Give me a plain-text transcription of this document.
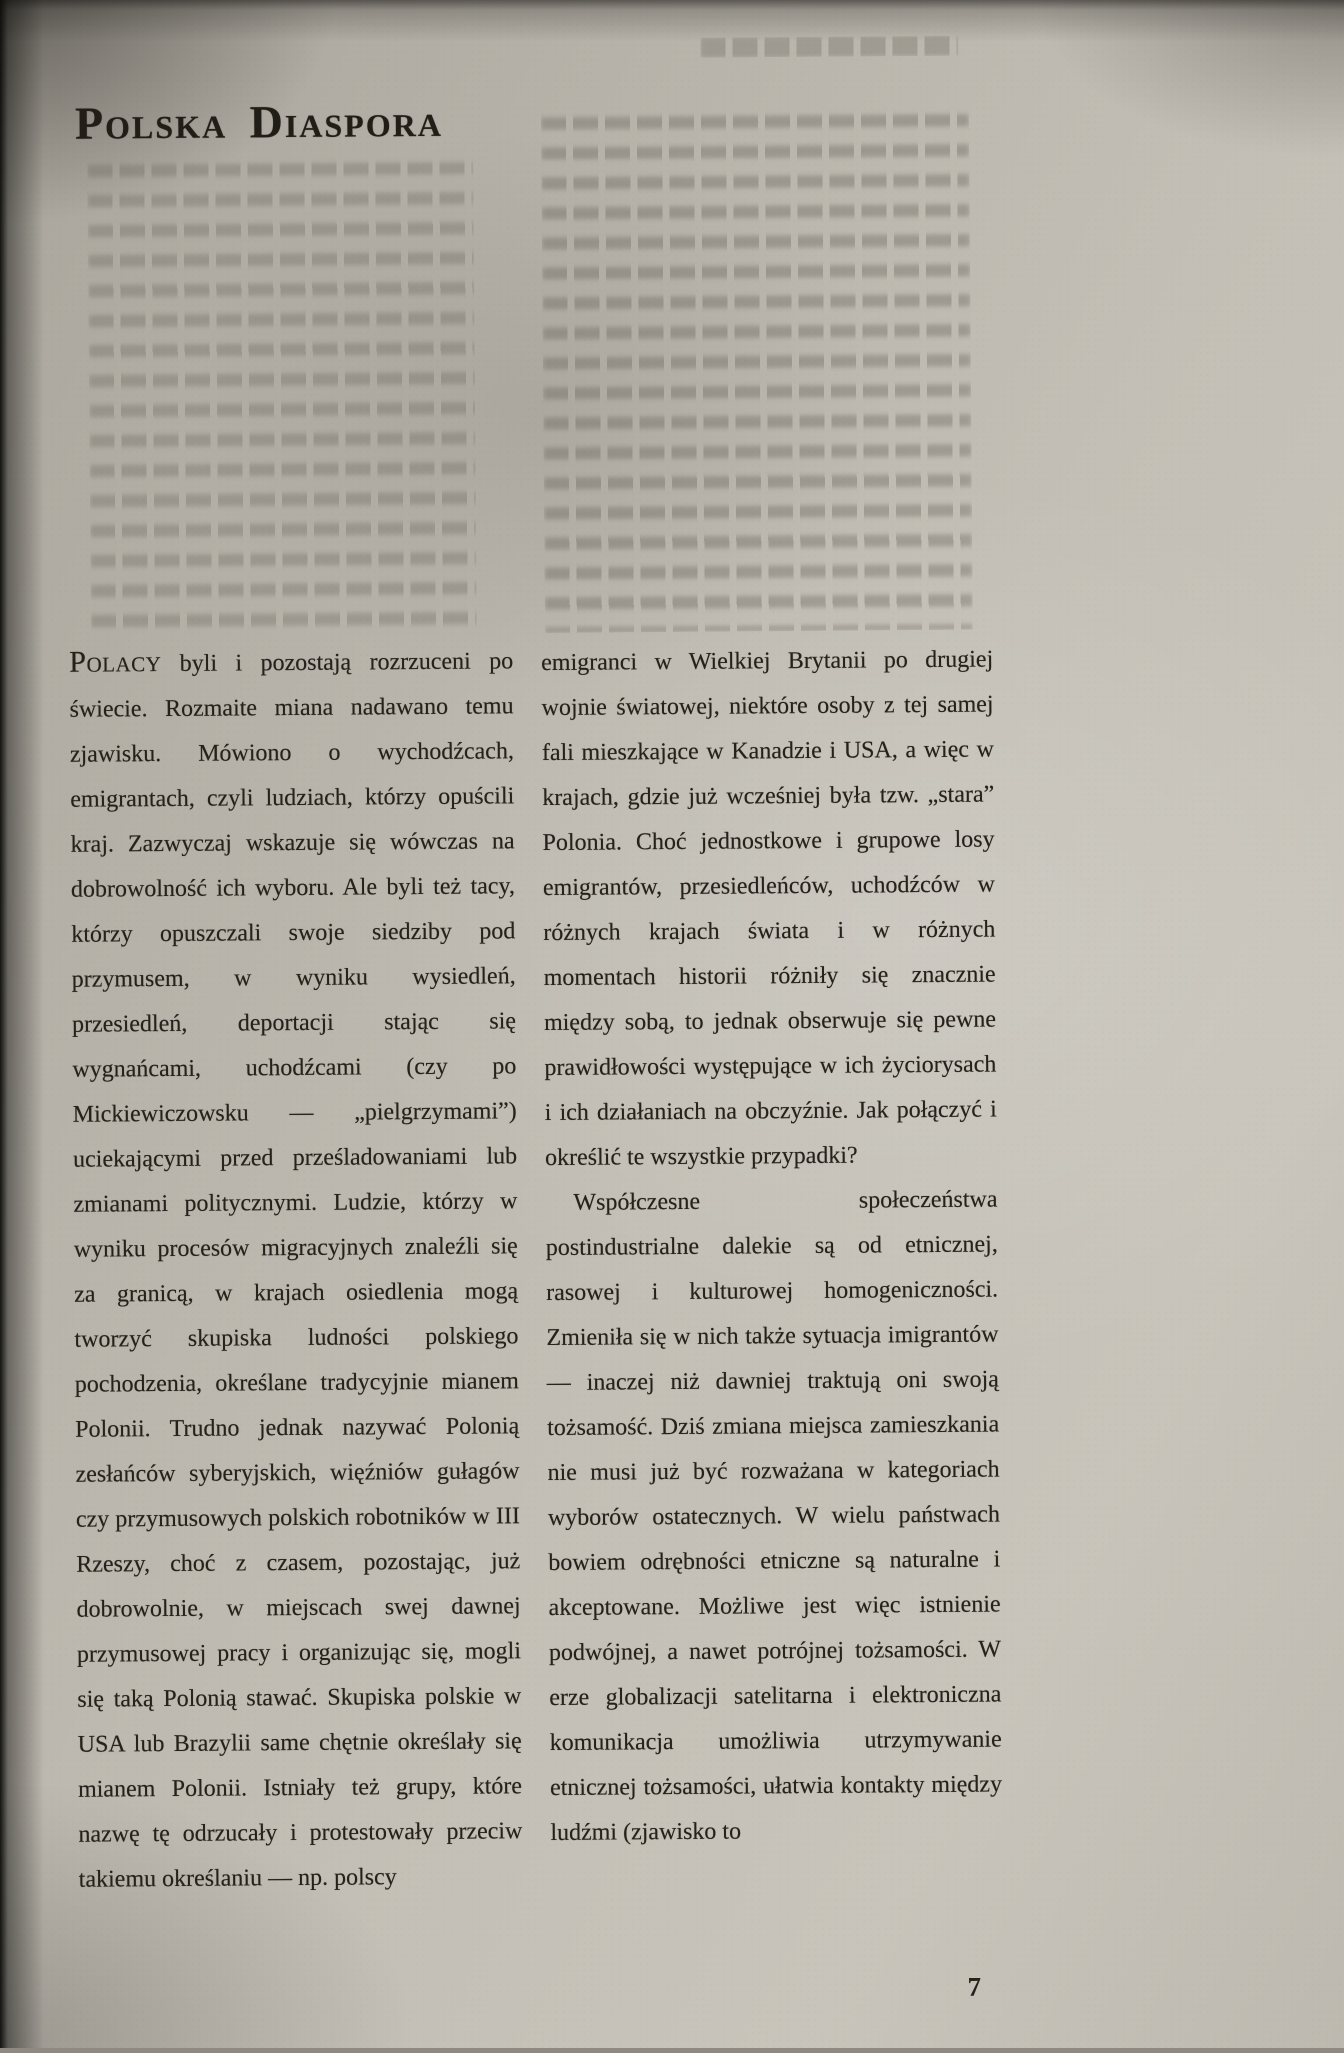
Polska Diaspora

Polacy byli i pozostają rozrzuceni po świecie. Rozmaite miana nadawano temu zjawisku. Mówiono o wychodźcach, emigrantach, czyli ludziach, którzy opuścili kraj. Zazwyczaj wskazuje się wówczas na dobrowolność ich wyboru. Ale byli też tacy, którzy opuszczali swoje siedziby pod przymusem, w wyniku wysiedleń, przesiedleń, deportacji stając się wygnańcami, uchodźcami (czy po Mickiewiczowsku — „pielgrzymami”) uciekającymi przed prześladowaniami lub zmianami politycznymi. Ludzie, którzy w wyniku procesów migracyjnych znaleźli się za granicą, w krajach osiedlenia mogą tworzyć skupiska ludności polskiego pochodzenia, określane tradycyjnie mianem Polonii. Trudno jednak nazywać Polonią zesłańców syberyjskich, więźniów gułagów czy przymusowych polskich robotników w III Rzeszy, choć z czasem, pozostając, już dobrowolnie, w miejscach swej dawnej przymusowej pracy i organizując się, mogli się taką Polonią stawać. Skupiska polskie w USA lub Brazylii same chętnie określały się mianem Polonii. Istniały też grupy, które nazwę tę odrzucały i protestowały przeciw takiemu określaniu — np. polscy

emigranci w Wielkiej Brytanii po drugiej wojnie światowej, niektóre osoby z tej samej fali mieszkające w Kanadzie i USA, a więc w krajach, gdzie już wcześniej była tzw. „stara” Polonia. Choć jednostkowe i grupowe losy emigrantów, przesiedleńców, uchodźców w różnych krajach świata i w różnych momentach historii różniły się znacznie między sobą, to jednak obserwuje się pewne prawidłowości występujące w ich życiorysach i ich działaniach na obczyźnie. Jak połączyć i określić te wszystkie przypadki?

Współczesne społeczeństwa postindustrialne dalekie są od etnicznej, rasowej i kulturowej homogeniczności. Zmieniła się w nich także sytuacja imigrantów — inaczej niż dawniej traktują oni swoją tożsamość. Dziś zmiana miejsca zamieszkania nie musi już być rozważana w kategoriach wyborów ostatecznych. W wielu państwach bowiem odrębności etniczne są naturalne i akceptowane. Możliwe jest więc istnienie podwójnej, a nawet potrójnej tożsamości. W erze globalizacji satelitarna i elektroniczna komunikacja umożliwia utrzymywanie etnicznej tożsamości, ułatwia kontakty między ludźmi (zjawisko to

7
